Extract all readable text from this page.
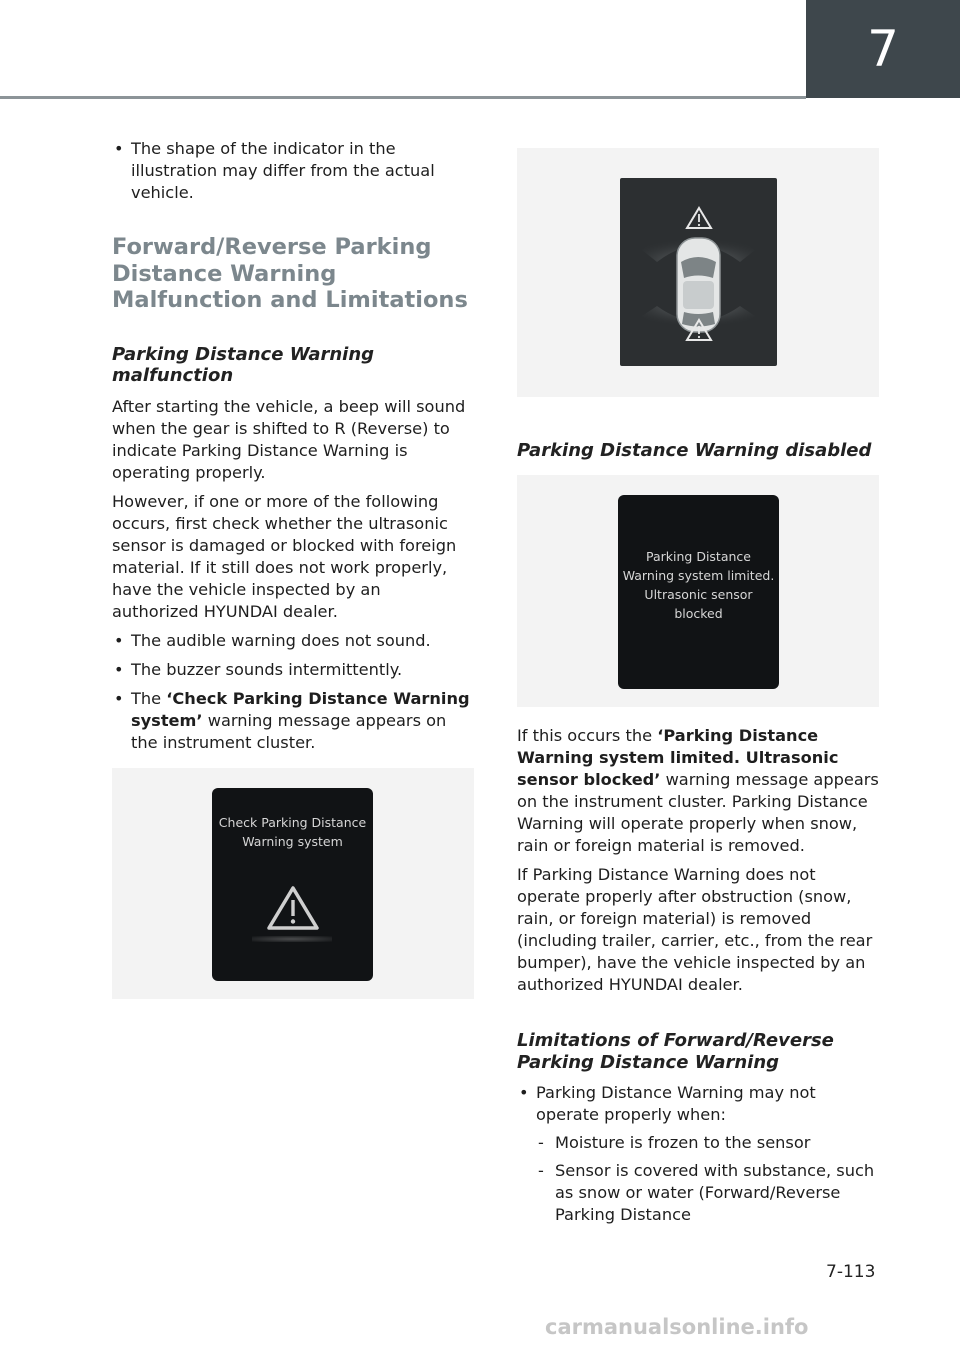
7
• The shape of the indicator in the illustration may differ from the actual vehicle.
Forward/Reverse Parking Distance Warning Malfunction and Limitations
Parking Distance Warning malfunction

After starting the vehicle, a beep will sound when the gear is shifted to R (Reverse) to indicate Parking Distance Warning is operating properly.

However, if one or more of the following occurs, first check whether the ultrasonic sensor is damaged or blocked with foreign material. If it still does not work properly, have the vehicle inspected by an authorized HYUNDAI dealer.

• The audible warning does not sound.
• The buzzer sounds intermittently.
• The ‘Check Parking Distance Warning system’ warning message appears on the instrument cluster.
Check Parking Distance
Warning system
Parking Distance Warning disabled
Parking Distance
Warning system limited.
Ultrasonic sensor
blocked

If this occurs the ‘Parking Distance Warning system limited. Ultrasonic sensor blocked’ warning message appears on the instrument cluster. Parking Distance Warning will operate properly when snow, rain or foreign material is removed.

If Parking Distance Warning does not operate properly after obstruction (snow, rain, or foreign material) is removed (including trailer, carrier, etc., from the rear bumper), have the vehicle inspected by an authorized HYUNDAI dealer.

Limitations of Forward/Reverse Parking Distance Warning
• Parking Distance Warning may not operate properly when:
- Moisture is frozen to the sensor
- Sensor is covered with substance, such as snow or water (Forward/Reverse Parking Distance
7-113
carmanualsonline.info
